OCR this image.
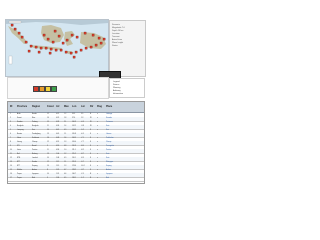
Scenario
Magnitude 7.0
Depth 10 km
Location
Tsunami
Arrival time
Wave height
Status
Legend
Source
Warning
Advisory
Information
ID Province Region	Coast Arr Max Lon Lat Dir Flag Place
1	Aceh	Banda	12	0:21	1.2	95.3	5.5	N	x	Lhoknga
2	Sumut	Nias	14	0:25	1.8	97.6	1.3	W	x	Sirombu
3	Sumbar	Padang	15	0:33	2.1	100.3	-0.9	W	x	Pariaman
4	Bengkulu	Bengkulu	11	0:36	1.4	102.2	-3.8	W	x	Kota
5	Lampung	Krui	10	0:41	0.9	103.9	-5.2	S	x	Krui
6	Banten	Pandeglang	13	0:45	1.1	105.8	-6.5	S	x	Labuan
7	Jabar	Sukabumi	16	0:48	1.6	106.5	-7.1	S	x	Pelabuhan
8	Jateng	Cilacap	12	0:52	1.3	109.0	-7.7	S	x	Cilacap
9	DIY	Bantul	9	0:55	0.8	110.3	-8.0	S	x	Parangtritis
10	Jatim	Pacitan	11	0:58	1.0	111.1	-8.2	S	x	Pacitan
11	Bali	Badung	13	1:04	1.2	115.2	-8.7	S	x	Kuta
12	NTB	Lombok	10	1:08	0.9	116.1	-8.9	S	x	Kuta
13	NTT	Sumba	12	1:12	1.1	119.9	-9.7	S	x	Waingapu
14	NTT	Kupang	14	1:19	1.3	123.6	-10.2	S	x	Kupang
15	Maluku	Ambon	8	1:25	0.7	128.2	-3.7	S	x	Ambon
16	Papua	Jayapura	10	1:31	0.6	140.7	-2.5	N	x	Jayapura
17	Papua	Biak	9	1:36	0.5	136.1	-1.2	N	x	Biak
